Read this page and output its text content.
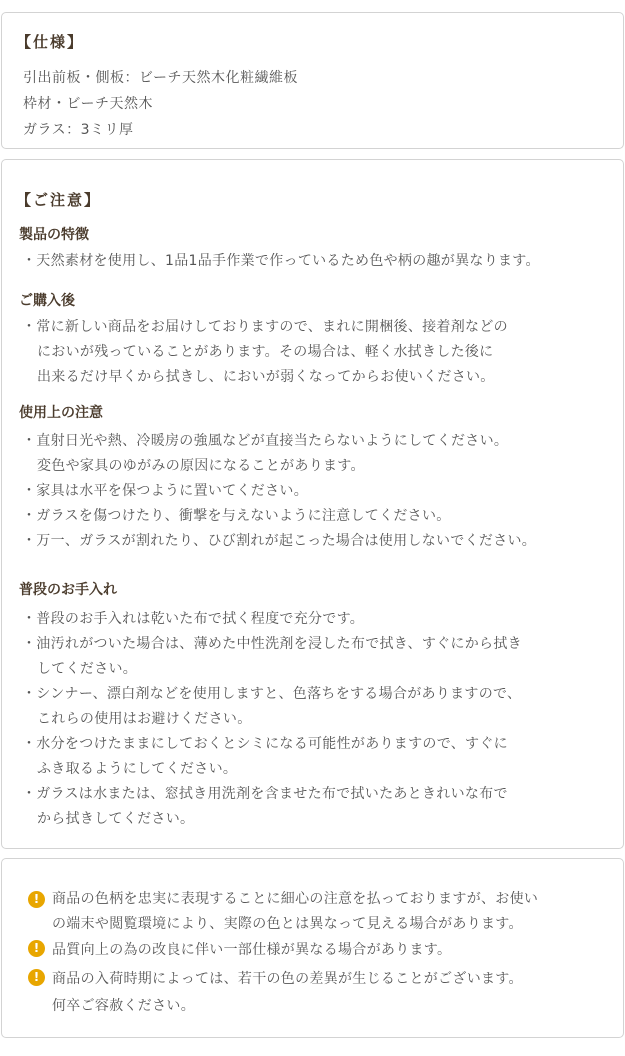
【仕様】
引出前板・側板：ビーチ天然木化粧繊維板
枠材・ビーチ天然木
ガラス：3ミリ厚
【ご注意】
製品の特徴
・天然素材を使用し、1品1品手作業で作っているため色や柄の趣が異なります。
ご購入後
・常に新しい商品をお届けしておりますので、まれに開梱後、接着剤などの
においが残っていることがあります。その場合は、軽く水拭きした後に
出来るだけ早くから拭きし、においが弱くなってからお使いください。
使用上の注意
・直射日光や熱、冷暖房の強風などが直接当たらないようにしてください。
変色や家具のゆがみの原因になることがあります。
・家具は水平を保つように置いてください。
・ガラスを傷つけたり、衝撃を与えないように注意してください。
・万一、ガラスが割れたり、ひび割れが起こった場合は使用しないでください。
普段のお手入れ
・普段のお手入れは乾いた布で拭く程度で充分です。
・油汚れがついた場合は、薄めた中性洗剤を浸した布で拭き、すぐにから拭き
してください。
・シンナー、漂白剤などを使用しますと、色落ちをする場合がありますので、
これらの使用はお避けください。
・水分をつけたままにしておくとシミになる可能性がありますので、すぐに
ふき取るようにしてください。
・ガラスは水または、窓拭き用洗剤を含ませた布で拭いたあときれいな布で
から拭きしてください。
! 商品の色柄を忠実に表現することに細心の注意を払っておりますが、お使い
の端末や閲覧環境により、実際の色とは異なって見える場合があります。
! 品質向上の為の改良に伴い一部仕様が異なる場合があります。
! 商品の入荷時期によっては、若干の色の差異が生じることがございます。
何卒ご容赦ください。
